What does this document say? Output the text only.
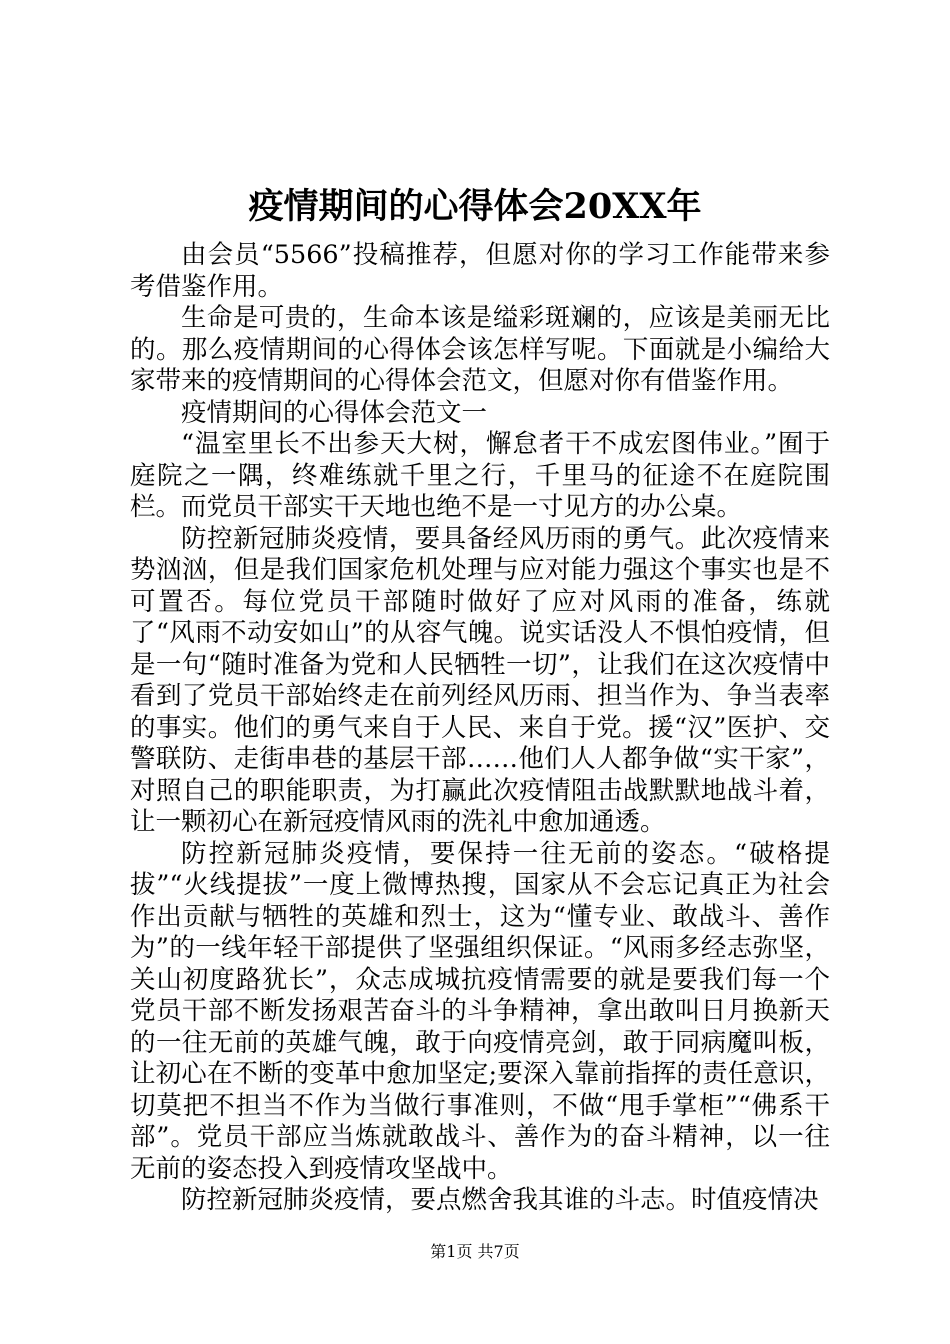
疫情期间的心得体会20XX年

由会员“5566”投稿推荐，但愿对你的学习工作能带来参考借鉴作用。

生命是可贵的，生命本该是缢彩斑斓的，应该是美丽无比的。那么疫情期间的心得体会该怎样写呢。下面就是小编给大家带来的疫情期间的心得体会范文，但愿对你有借鉴作用。

疫情期间的心得体会范文一

“温室里长不出参天大树，懈怠者干不成宏图伟业。”囿于庭院之一隅，终难练就千里之行，千里马的征途不在庭院围栏。而党员干部实干天地也绝不是一寸见方的办公桌。

防控新冠肺炎疫情，要具备经风历雨的勇气。此次疫情来势汹汹，但是我们国家危机处理与应对能力强这个事实也是不可置否。每位党员干部随时做好了应对风雨的准备，练就了“风雨不动安如山”的从容气魄。说实话没人不惧怕疫情，但是一句“随时准备为党和人民牺牲一切”，让我们在这次疫情中看到了党员干部始终走在前列经风历雨、担当作为、争当表率的事实。他们的勇气来自于人民、来自于党。援“汉”医护、交警联防、走街串巷的基层干部……他们人人都争做“实干家”，对照自己的职能职责，为打赢此次疫情阻击战默默地战斗着，让一颗初心在新冠疫情风雨的洗礼中愈加通透。

防控新冠肺炎疫情，要保持一往无前的姿态。“破格提拔”“火线提拔”一度上微博热搜，国家从不会忘记真正为社会作出贡献与牺牲的英雄和烈士，这为“懂专业、敢战斗、善作为”的一线年轻干部提供了坚强组织保证。“风雨多经志弥坚，关山初度路犹长”，众志成城抗疫情需要的就是要我们每一个党员干部不断发扬艰苦奋斗的斗争精神，拿出敢叫日月换新天的一往无前的英雄气魄，敢于向疫情亮剑，敢于同病魔叫板，让初心在不断的变革中愈加坚定;要深入靠前指挥的责任意识，切莫把不担当不作为当做行事准则，不做“甩手掌柜”“佛系干部”。党员干部应当炼就敢战斗、善作为的奋斗精神，以一往无前的姿态投入到疫情攻坚战中。

防控新冠肺炎疫情，要点燃舍我其谁的斗志。时值疫情决

第1页 共7页
